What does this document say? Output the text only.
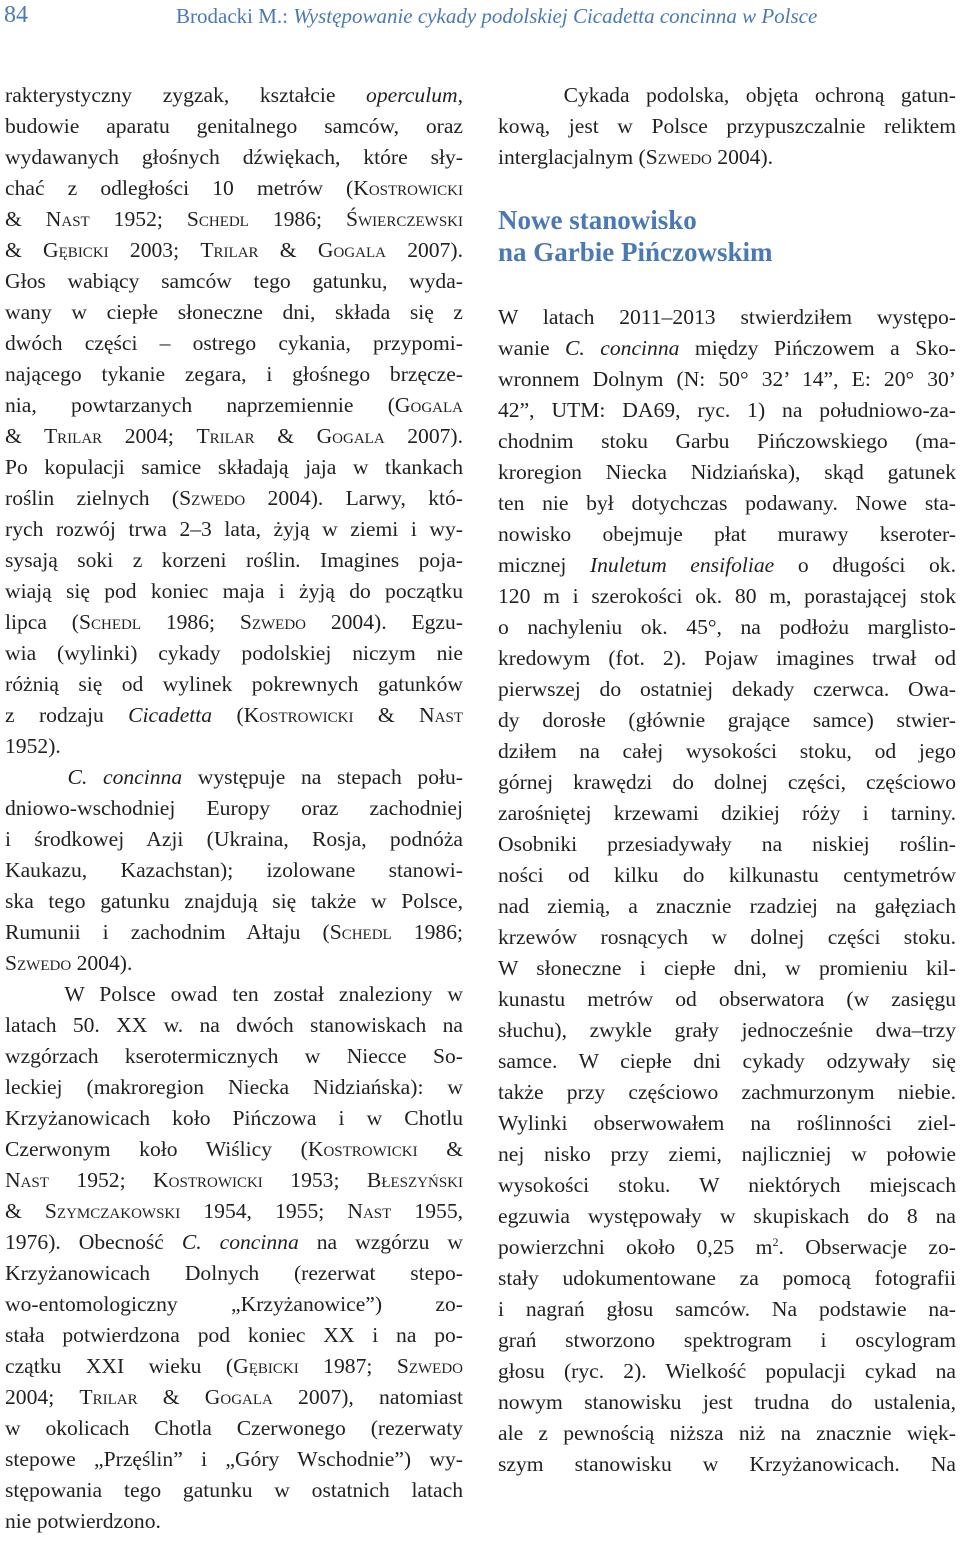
84	Brodacki M.: Występowanie cykady podolskiej Cicadetta concinna w Polsce
rakterystyczny zygzak, kształcie operculum,
budowie aparatu genitalnego samców, oraz
wydawanych głośnych dźwiękach, które sły-
chać z odległości 10 metrów (Kostrowicki
& Nast 1952; Schedl 1986; Świerczewski
& Gębicki 2003; Trilar & Gogala 2007).
Głos wabiący samców tego gatunku, wyda-
wany w ciepłe słoneczne dni, składa się z
dwóch części – ostrego cykania, przypomi-
nającego tykanie zegara, i głośnego brzęcze-
nia, powtarzanych naprzemiennie (Gogala
& Trilar 2004; Trilar & Gogala 2007).
Po kopulacji samice składają jaja w tkankach
roślin zielnych (Szwedo 2004). Larwy, któ-
rych rozwój trwa 2–3 lata, żyją w ziemi i wy-
sysają soki z korzeni roślin. Imagines poja-
wiają się pod koniec maja i żyją do początku
lipca (Schedl 1986; Szwedo 2004). Egzu-
wia (wylinki) cykady podolskiej niczym nie
różnią się od wylinek pokrewnych gatunków
z rodzaju Cicadetta (Kostrowicki & Nast
1952).
C. concinna występuje na stepach połu-
dniowo-wschodniej Europy oraz zachodniej
i środkowej Azji (Ukraina, Rosja, podnóża
Kaukazu, Kazachstan); izolowane stanowi-
ska tego gatunku znajdują się także w Polsce,
Rumunii i zachodnim Ałtaju (Schedl 1986;
Szwedo 2004).
W Polsce owad ten został znaleziony w
latach 50. XX w. na dwóch stanowiskach na
wzgórzach kserotermicznych w Niecce So-
leckiej (makroregion Niecka Nidziańska): w
Krzyżanowicach koło Pińczowa i w Chotlu
Czerwonym koło Wiślicy (Kostrowicki &
Nast 1952; Kostrowicki 1953; Błeszyński
& Szymczakowski 1954, 1955; Nast 1955,
1976). Obecność C. concinna na wzgórzu w
Krzyżanowicach Dolnych (rezerwat stepo-
wo-entomologiczny „Krzyżanowice”) zo-
stała potwierdzona pod koniec XX i na po-
czątku XXI wieku (Gębicki 1987; Szwedo
2004; Trilar & Gogala 2007), natomiast
w okolicach Chotla Czerwonego (rezerwaty
stepowe „Przęślin” i „Góry Wschodnie”) wy-
stępowania tego gatunku w ostatnich latach
nie potwierdzono.
Cykada podolska, objęta ochroną gatun-
kową, jest w Polsce przypuszczalnie reliktem
interglacjalnym (Szwedo 2004).
Nowe stanowisko
na Garbie Pińczowskim
W latach 2011–2013 stwierdziłem występo-
wanie C. concinna między Pińczowem a Sko-
wronnem Dolnym (N: 50° 32’ 14”, E: 20° 30’
42”, UTM: DA69, ryc. 1) na południowo-za-
chodnim stoku Garbu Pińczowskiego (ma-
kroregion Niecka Nidziańska), skąd gatunek
ten nie był dotychczas podawany. Nowe sta-
nowisko obejmuje płat murawy kseroter-
micznej Inuletum ensifoliae o długości ok.
120 m i szerokości ok. 80 m, porastającej stok
o nachyleniu ok. 45°, na podłożu marglisto-
kredowym (fot. 2). Pojaw imagines trwał od
pierwszej do ostatniej dekady czerwca. Owa-
dy dorosłe (głównie grające samce) stwier-
dziłem na całej wysokości stoku, od jego
górnej krawędzi do dolnej części, częściowo
zarośniętej krzewami dzikiej róży i tarniny.
Osobniki przesiadywały na niskiej roślin-
ności od kilku do kilkunastu centymetrów
nad ziemią, a znacznie rzadziej na gałęziach
krzewów rosnących w dolnej części stoku.
W słoneczne i ciepłe dni, w promieniu kil-
kunastu metrów od obserwatora (w zasięgu
słuchu), zwykle grały jednocześnie dwa–trzy
samce. W ciepłe dni cykady odzywały się
także przy częściowo zachmurzonym niebie.
Wylinki obserwowałem na roślinności ziel-
nej nisko przy ziemi, najliczniej w połowie
wysokości stoku. W niektórych miejscach
egzuwia występowały w skupiskach do 8 na
powierzchni około 0,25 $m^2$. Obserwacje zo-
stały udokumentowane za pomocą fotografii
i nagrań głosu samców. Na podstawie na-
grań stworzono spektrogram i oscylogram
głosu (ryc. 2). Wielkość populacji cykad na
nowym stanowisku jest trudna do ustalenia,
ale z pewnością niższa niż na znacznie więk-
szym stanowisku w Krzyżanowicach. Na
